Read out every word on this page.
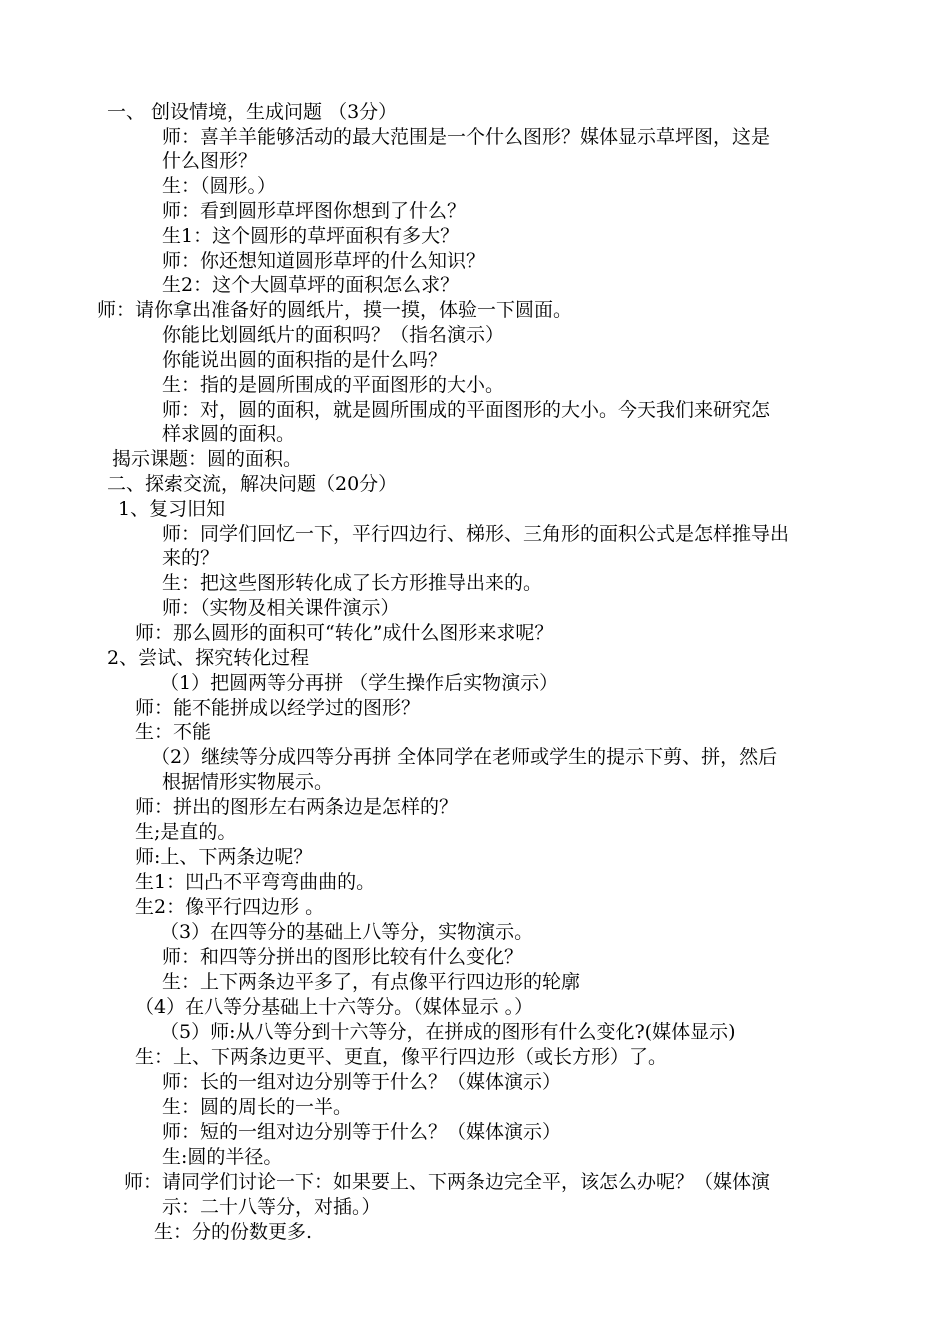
一、 创设情境，生成问题 （3分）
师：喜羊羊能够活动的最大范围是一个什么图形？媒体显示草坪图，这是
什么图形？
生：（圆形。）
师：看到圆形草坪图你想到了什么？
生1：这个圆形的草坪面积有多大？
师：你还想知道圆形草坪的什么知识？
生2：这个大圆草坪的面积怎么求？
师：请你拿出准备好的圆纸片，摸一摸，体验一下圆面。
你能比划圆纸片的面积吗？（指名演示）
你能说出圆的面积指的是什么吗？
生：指的是圆所围成的平面图形的大小。
师：对，圆的面积，就是圆所围成的平面图形的大小。今天我们来研究怎
样求圆的面积。
揭示课题：圆的面积。
二、探索交流，解决问题（20分）
1、复习旧知
师：同学们回忆一下，平行四边行、梯形、三角形的面积公式是怎样推导出
来的？
生：把这些图形转化成了长方形推导出来的。
师：（实物及相关课件演示）
师：那么圆形的面积可“转化”成什么图形来求呢？
2、尝试、探究转化过程
（1）把圆两等分再拼 （学生操作后实物演示）
师：能不能拼成以经学过的图形？
生：不能
（2）继续等分成四等分再拼 全体同学在老师或学生的提示下剪、拼，然后
根据情形实物展示。
师：拼出的图形左右两条边是怎样的？
生;是直的。
师:上、下两条边呢？
生1：凹凸不平弯弯曲曲的。
生2：像平行四边形 。
（3）在四等分的基础上八等分，实物演示。
师：和四等分拼出的图形比较有什么变化？
生：上下两条边平多了，有点像平行四边形的轮廓
（4）在八等分基础上十六等分。（媒体显示 。）
（5）师:从八等分到十六等分，在拼成的图形有什么变化?(媒体显示)
生：上、下两条边更平、更直，像平行四边形（或长方形）了。
师：长的一组对边分别等于什么？（媒体演示）
生：圆的周长的一半。
师：短的一组对边分别等于什么？（媒体演示）
生:圆的半径。
师：请同学们讨论一下：如果要上、下两条边完全平，该怎么办呢？（媒体演
示：二十八等分，对插。）
生：分的份数更多.
